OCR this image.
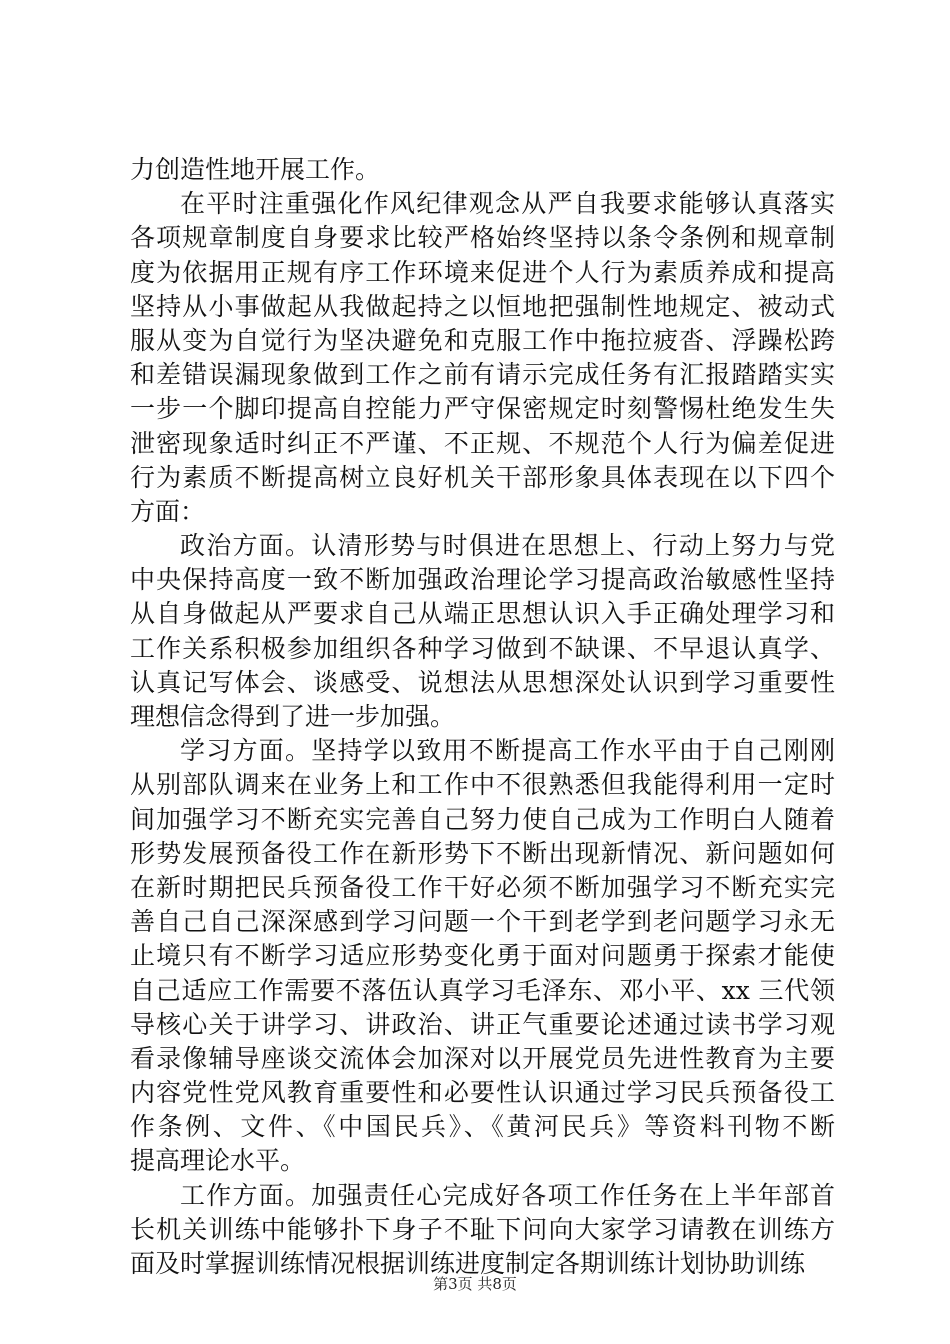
力创造性地开展工作。
在平时注重强化作风纪律观念从严自我要求能够认真落实
各项规章制度自身要求比较严格始终坚持以条令条例和规章制
度为依据用正规有序工作环境来促进个人行为素质养成和提高
坚持从小事做起从我做起持之以恒地把强制性地规定、被动式
服从变为自觉行为坚决避免和克服工作中拖拉疲沓、浮躁松跨
和差错误漏现象做到工作之前有请示完成任务有汇报踏踏实实
一步一个脚印提高自控能力严守保密规定时刻警惕杜绝发生失
泄密现象适时纠正不严谨、不正规、不规范个人行为偏差促进
行为素质不断提高树立良好机关干部形象具体表现在以下四个
方面：
政治方面。认清形势与时俱进在思想上、行动上努力与党
中央保持高度一致不断加强政治理论学习提高政治敏感性坚持
从自身做起从严要求自己从端正思想认识入手正确处理学习和
工作关系积极参加组织各种学习做到不缺课、不早退认真学、
认真记写体会、谈感受、说想法从思想深处认识到学习重要性
理想信念得到了进一步加强。
学习方面。坚持学以致用不断提高工作水平由于自己刚刚
从别部队调来在业务上和工作中不很熟悉但我能得利用一定时
间加强学习不断充实完善自己努力使自己成为工作明白人随着
形势发展预备役工作在新形势下不断出现新情况、新问题如何
在新时期把民兵预备役工作干好必须不断加强学习不断充实完
善自己自己深深感到学习问题一个干到老学到老问题学习永无
止境只有不断学习适应形势变化勇于面对问题勇于探索才能使
自己适应工作需要不落伍认真学习毛泽东、邓小平、xx 三代领
导核心关于讲学习、讲政治、讲正气重要论述通过读书学习观
看录像辅导座谈交流体会加深对以开展党员先进性教育为主要
内容党性党风教育重要性和必要性认识通过学习民兵预备役工
作条例、文件、《中国民兵》、《黄河民兵》等资料刊物不断
提高理论水平。
工作方面。加强责任心完成好各项工作任务在上半年部首
长机关训练中能够扑下身子不耻下问向大家学习请教在训练方
面及时掌握训练情况根据训练进度制定各期训练计划协助训练
第3页 共8页
